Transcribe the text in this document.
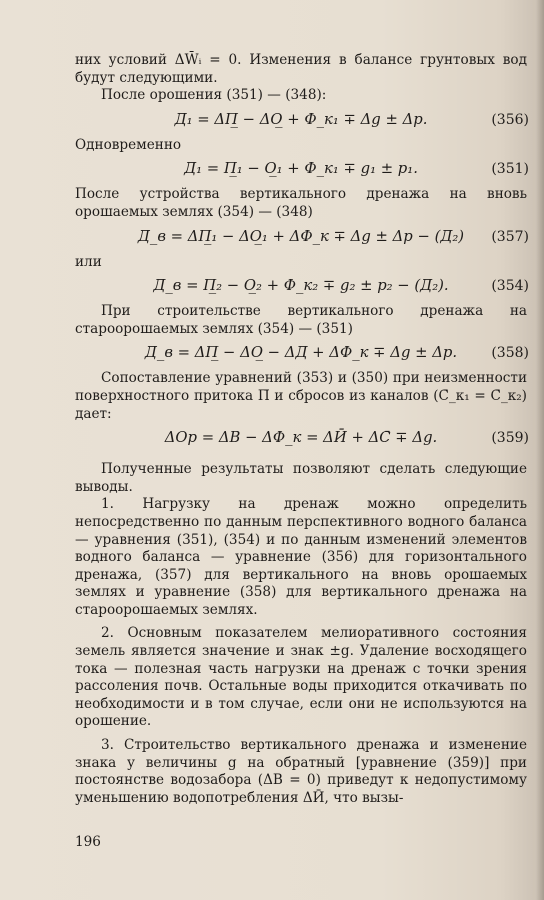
них условий ΔW̄ᵢ = 0. Изменения в балансе грунтовых вод будут следующими.

После орошения (351) — (348):

Д₁ = ΔП̲ − ΔО̲ + Ф_к₁ ∓ Δg ± Δp.	(356)

Одновременно

Д₁ = П̲₁ − О̲₁ + Ф_к₁ ∓ g₁ ± p₁.	(351)

После устройства вертикального дренажа на вновь орошаемых землях (354) — (348)

Д_в = ΔП̲₁ − ΔО̲₁ + ΔФ_к ∓ Δg ± Δp − (Д₂) (357)

или

Д_в = П̲₂ − О̲₂ + Ф_к₂ ∓ g₂ ± p₂ − (Д₂).	(354)

При строительстве вертикального дренажа на староорошаемых землях (354) — (351)

Д_в = ΔП̲ − ΔО̲ − ΔД + ΔФ_к ∓ Δg ± Δp. (358)

Сопоставление уравнений (353) и (350) при неизменности поверхностного притока П̄ и сбросов из каналов (С̄_к₁ = С̄_к₂) дает:

ΔОр = ΔВ − ΔФ_к = ΔӢ + ΔС̄ ∓ Δg.	(359)

Полученные результаты позволяют сделать следующие выводы.

1. Нагрузку на дренаж можно определить непосредственно по данным перспективного водного баланса — уравнения (351), (354) и по данным изменений элементов водного баланса — уравнение (356) для горизонтального дренажа, (357) для вертикального на вновь орошаемых землях и уравнение (358) для вертикального дренажа на староорошаемых землях.

2. Основным показателем мелиоративного состояния земель является значение и знак ±g. Удаление восходящего тока — полезная часть нагрузки на дренаж с точки зрения рассоления почв. Остальные воды приходится откачивать по необходимости и в том случае, если они не используются на орошение.

3. Строительство вертикального дренажа и изменение знака у величины g на обратный [уравнение (359)] при постоянстве водозабора (ΔB = 0) приведут к недопустимому уменьшению водопотребления ΔӢ, что вызы-

196
